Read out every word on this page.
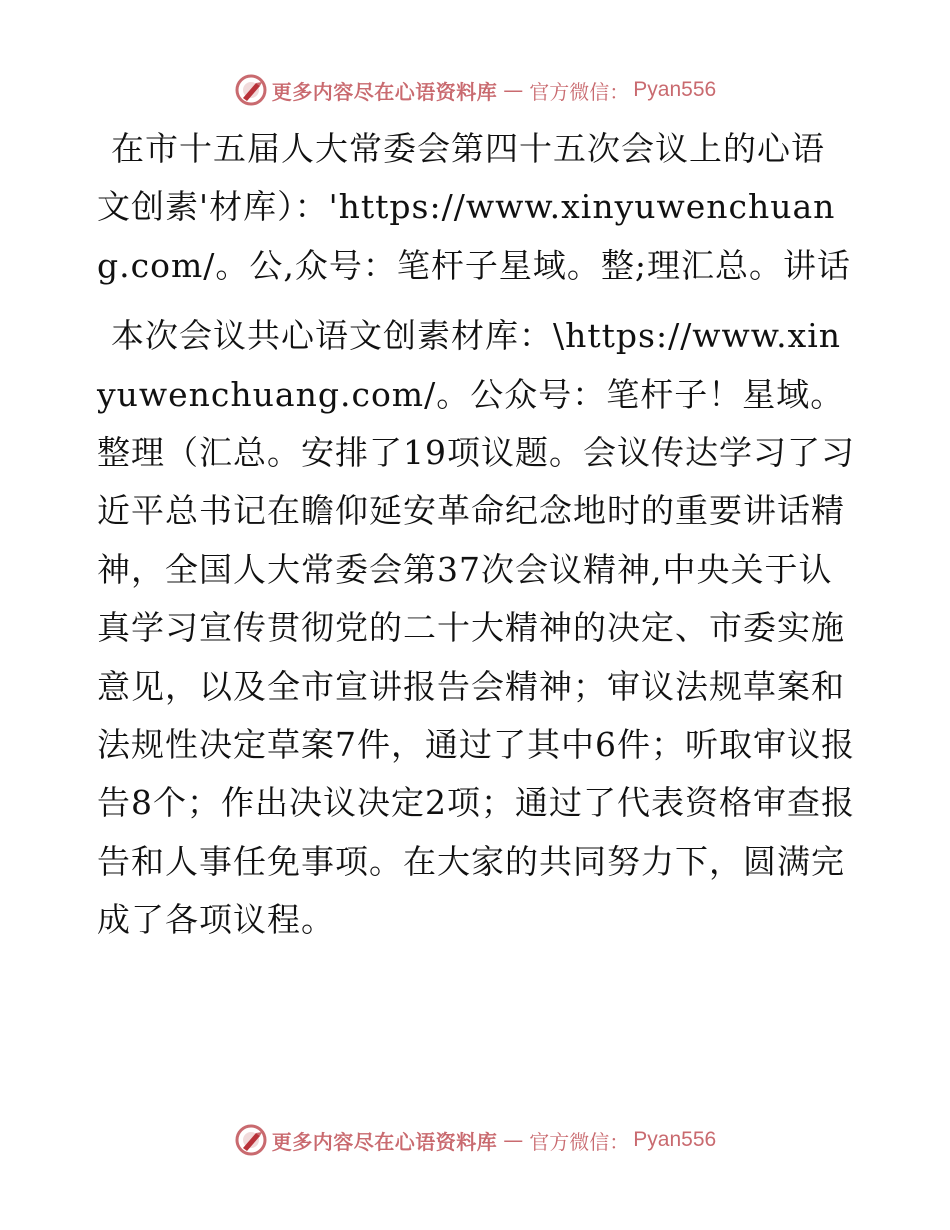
更多内容尽在心语资料库 — 官方微信： Pyan556

在市十五届人大常委会第四十五次会议上的心语文创素'材库）：'https://www.xinyuwenchuang.com/。公,众号：笔杆子星域。整;理汇总。讲话

本次会议共心语文创素材库：\https://www.xinyuwenchuang.com/。公众号：笔杆子！星域。整理（汇总。安排了19项议题。会议传达学习了习近平总书记在瞻仰延安革命纪念地时的重要讲话精神，全国人大常委会第37次会议精神,中央关于认真学习宣传贯彻党的二十大精神的决定、市委实施意见，以及全市宣讲报告会精神；审议法规草案和法规性决定草案7件，通过了其中6件；听取审议报告8个；作出决议决定2项；通过了代表资格审查报告和人事任免事项。在大家的共同努力下，圆满完成了各项议程。

更多内容尽在心语资料库 — 官方微信： Pyan556
